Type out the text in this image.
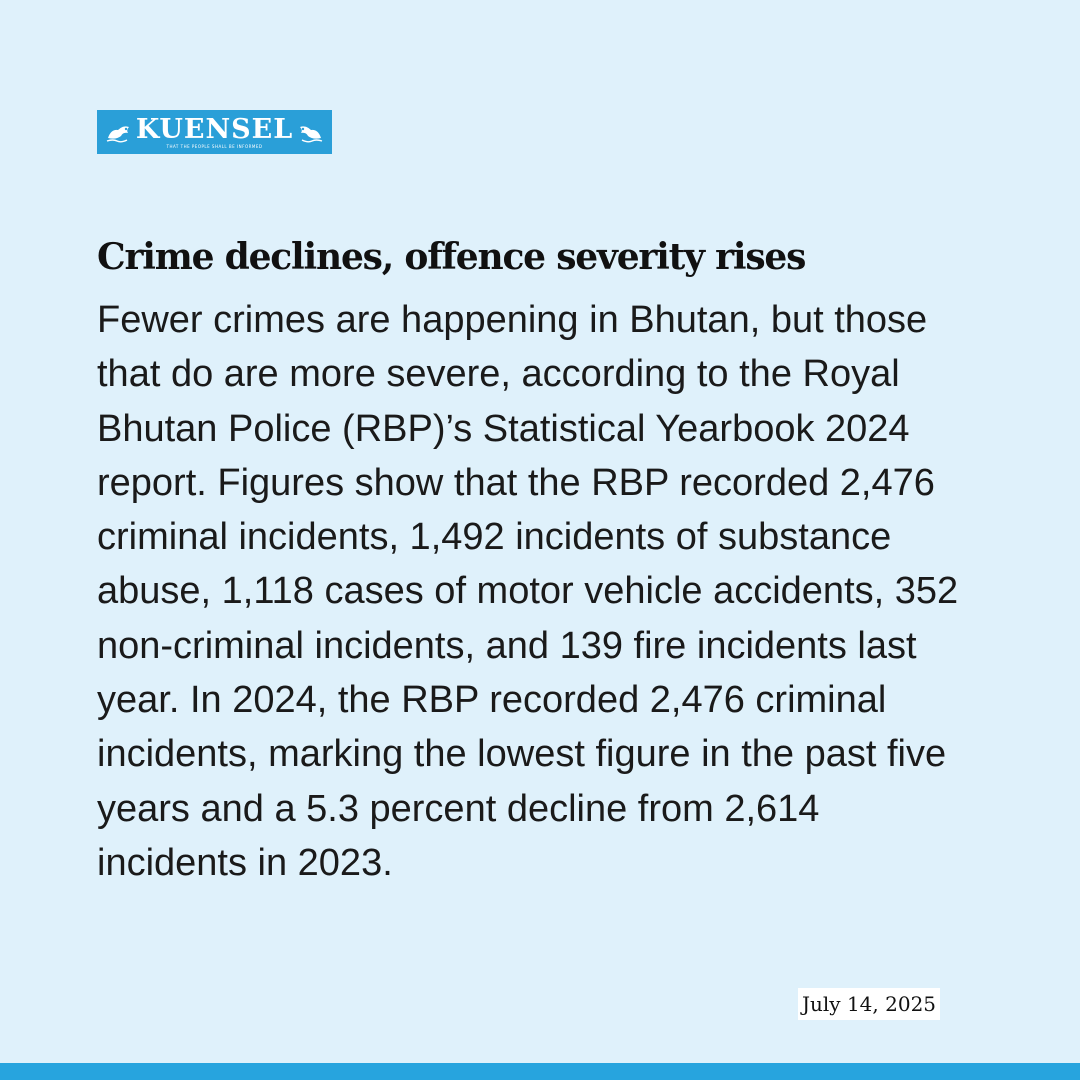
KUENSEL
THAT THE PEOPLE SHALL BE INFORMED
Crime declines, offence severity rises

Fewer crimes are happening in Bhutan, but those that do are more severe, according to the Royal Bhutan Police (RBP)’s Statistical Yearbook 2024 report. Figures show that the RBP recorded 2,476 criminal incidents, 1,492 incidents of substance abuse, 1,118 cases of motor vehicle accidents, 352 non-criminal incidents, and 139 fire incidents last year. In 2024, the RBP recorded 2,476 criminal incidents, marking the lowest figure in the past five years and a 5.3 percent decline from 2,614 incidents in 2023.

July 14, 2025
